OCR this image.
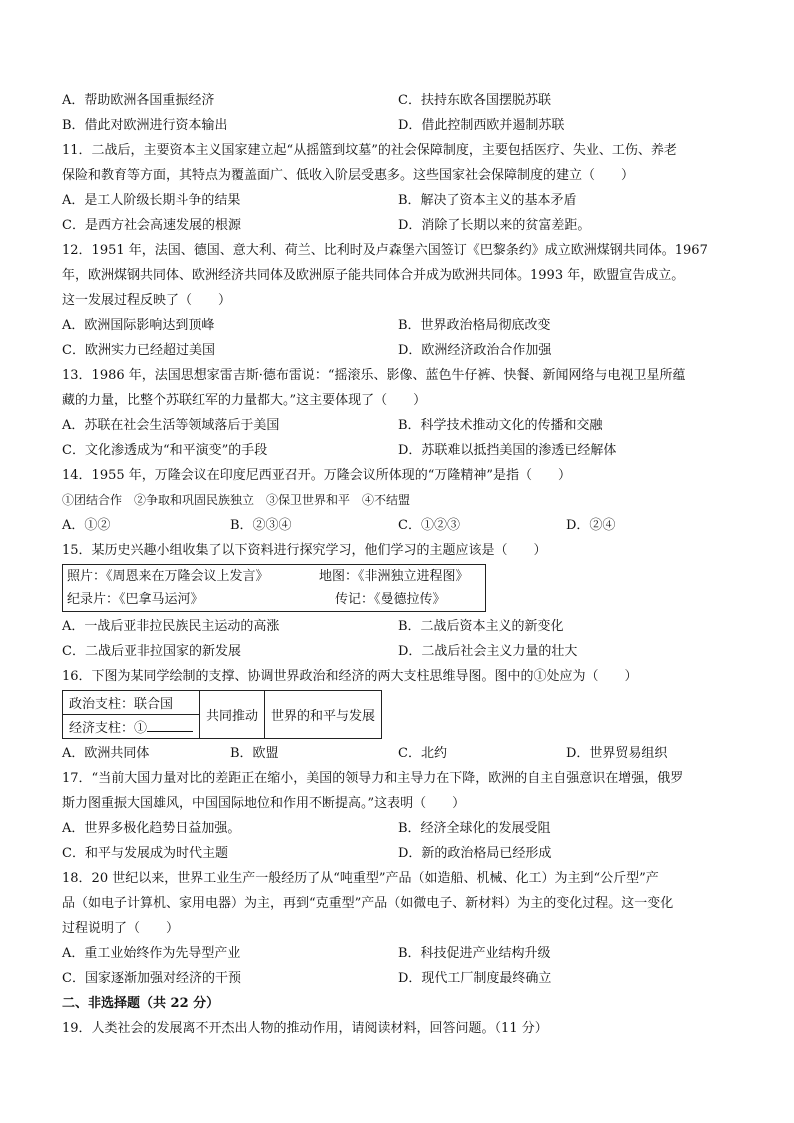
A．帮助欧洲各国重振经济	C．扶持东欧各国摆脱苏联
B．借此对欧洲进行资本输出	D．借此控制西欧并遏制苏联
11．二战后，主要资本主义国家建立起“从摇篮到坟墓”的社会保障制度，主要包括医疗、失业、工伤、养老
保险和教育等方面，其特点为覆盖面广、低收入阶层受惠多。这些国家社会保障制度的建立（　　）
A．是工人阶级长期斗争的结果	B．解决了资本主义的基本矛盾
C．是西方社会高速发展的根源	D．消除了长期以来的贫富差距。
12．1951 年，法国、德国、意大利、荷兰、比利时及卢森堡六国签订《巴黎条约》成立欧洲煤钢共同体。1967
年，欧洲煤钢共同体、欧洲经济共同体及欧洲原子能共同体合并成为欧洲共同体。1993 年，欧盟宣告成立。
这一发展过程反映了（　　）
A．欧洲国际影响达到顶峰	B．世界政治格局彻底改变
C．欧洲实力已经超过美国	D．欧洲经济政治合作加强
13．1986 年，法国思想家雷吉斯·德布雷说：“摇滚乐、影像、蓝色牛仔裤、快餐、新闻网络与电视卫星所蕴
藏的力量，比整个苏联红军的力量都大。”这主要体现了（　　）
A．苏联在社会生活等领域落后于美国	B．科学技术推动文化的传播和交融
C．文化渗透成为“和平演变”的手段	D．苏联难以抵挡美国的渗透已经解体
14．1955 年，万隆会议在印度尼西亚召开。万隆会议所体现的“万隆精神”是指（　　）
①团结合作　②争取和巩固民族独立　③保卫世界和平　④不结盟
A．①②	B．②③④	C．①②③	D．②④
15．某历史兴趣小组收集了以下资料进行探究学习，他们学习的主题应该是（　　）
照片：《周恩来在万隆会议上发言》	地图：《非洲独立进程图》
纪录片：《巴拿马运河》	传记：《曼德拉传》
A．一战后亚非拉民族民主运动的高涨	B．二战后资本主义的新变化
C．二战后亚非拉国家的新发展	D．二战后社会主义力量的壮大
16．下图为某同学绘制的支撑、协调世界政治和经济的两大支柱思维导图。图中的①处应为（　　）
政治支柱：联合国	共同推动	世界的和平与发展
经济支柱：①
A．欧洲共同体	B．欧盟	C．北约	D．世界贸易组织
17．“当前大国力量对比的差距正在缩小，美国的领导力和主导力在下降，欧洲的自主自强意识在增强，俄罗
斯力图重振大国雄风，中国国际地位和作用不断提高。”这表明（　　）
A．世界多极化趋势日益加强。	B．经济全球化的发展受阻
C．和平与发展成为时代主题	D．新的政治格局已经形成
18．20 世纪以来，世界工业生产一般经历了从“吨重型”产品（如造船、机械、化工）为主到“公斤型”产
品（如电子计算机、家用电器）为主，再到“克重型”产品（如微电子、新材料）为主的变化过程。这一变化
过程说明了（　　）
A．重工业始终作为先导型产业	B．科技促进产业结构升级
C．国家逐渐加强对经济的干预	D．现代工厂制度最终确立
二、非选择题（共 22 分）
19．人类社会的发展离不开杰出人物的推动作用，请阅读材料，回答问题。（11 分）
